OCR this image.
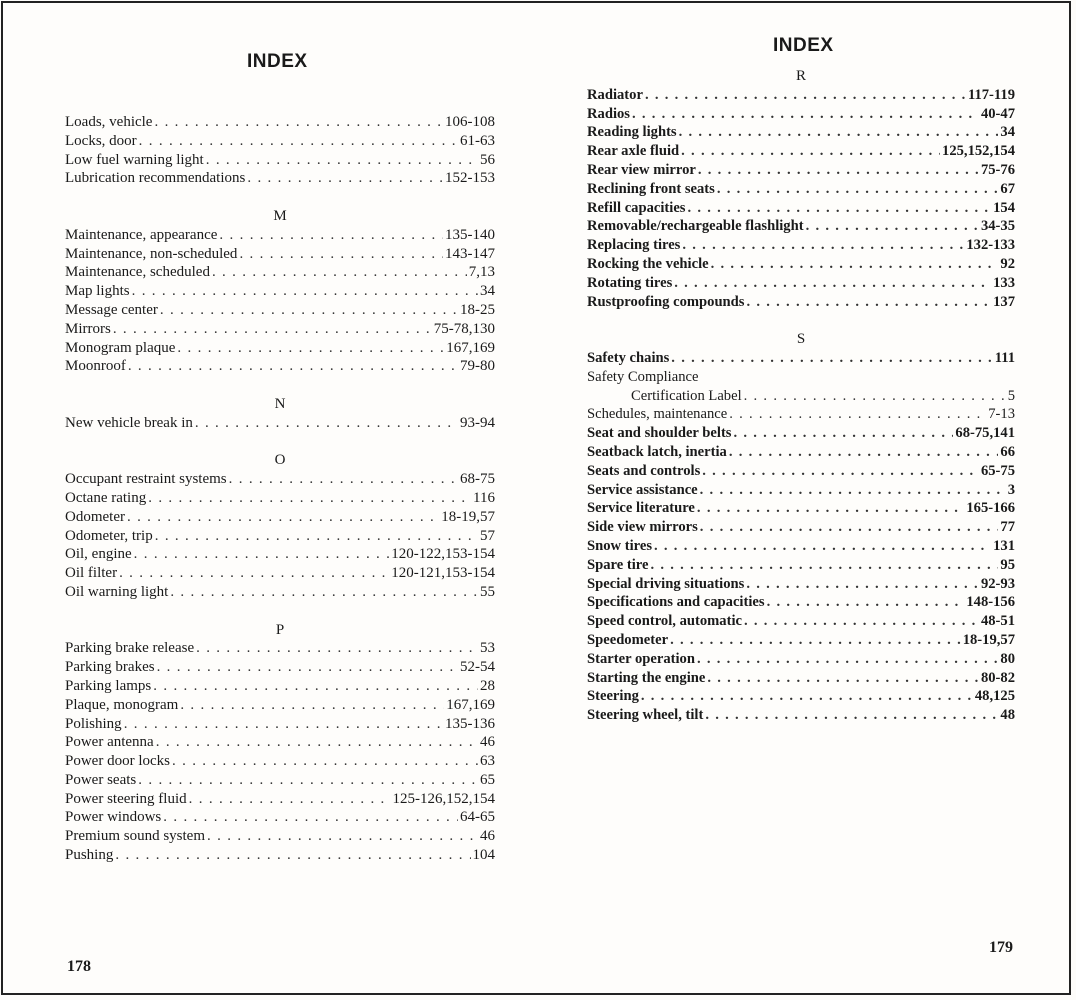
INDEX
Loads, vehicle . . .	106-108
Locks, door . . .	61-63
Low fuel warning light . . .	56
Lubrication recommendations . . .	152-153
M
Maintenance, appearance . . .	135-140
Maintenance, non-scheduled . . .	143-147
Maintenance, scheduled . . .	7,13
Map lights . . .	34
Message center . . .	18-25
Mirrors . . .	75-78,130
Monogram plaque . . .	167,169
Moonroof . . .	79-80
N
New vehicle break in . . .	93-94
O
Occupant restraint systems . . .	68-75
Octane rating . . .	116
Odometer . . .	18-19,57
Odometer, trip . . .	57
Oil, engine . . .	120-122,153-154
Oil filter . . .	120-121,153-154
Oil warning light . . .	55
P
Parking brake release . . .	53
Parking brakes . . .	52-54
Parking lamps . . .	28
Plaque, monogram . . .	167,169
Polishing . . .	135-136
Power antenna . . .	46
Power door locks . . .	63
Power seats . . .	65
Power steering fluid . . .	125-126,152,154
Power windows . . .	64-65
Premium sound system . . .	46
Pushing . . .	104
178
INDEX
R
Radiator . . .	117-119
Radios . . .	40-47
Reading lights . . .	34
Rear axle fluid . . .	125,152,154
Rear view mirror . . .	75-76
Reclining front seats . . .	67
Refill capacities . . .	154
Removable/rechargeable flashlight . . .	34-35
Replacing tires . . .	132-133
Rocking the vehicle . . .	92
Rotating tires . . .	133
Rustproofing compounds . . .	137
S
Safety chains . . .	111
Safety Compliance
Certification Label . . .	5
Schedules, maintenance . . .	7-13
Seat and shoulder belts . . .	68-75,141
Seatback latch, inertia . . .	66
Seats and controls . . .	65-75
Service assistance . . .	3
Service literature . . .	165-166
Side view mirrors . . .	77
Snow tires . . .	131
Spare tire . . .	95
Special driving situations . . .	92-93
Specifications and capacities . . .	148-156
Speed control, automatic . . .	48-51
Speedometer . . .	18-19,57
Starter operation . . .	80
Starting the engine . . .	80-82
Steering . . .	48,125
Steering wheel, tilt . . .	48
179
